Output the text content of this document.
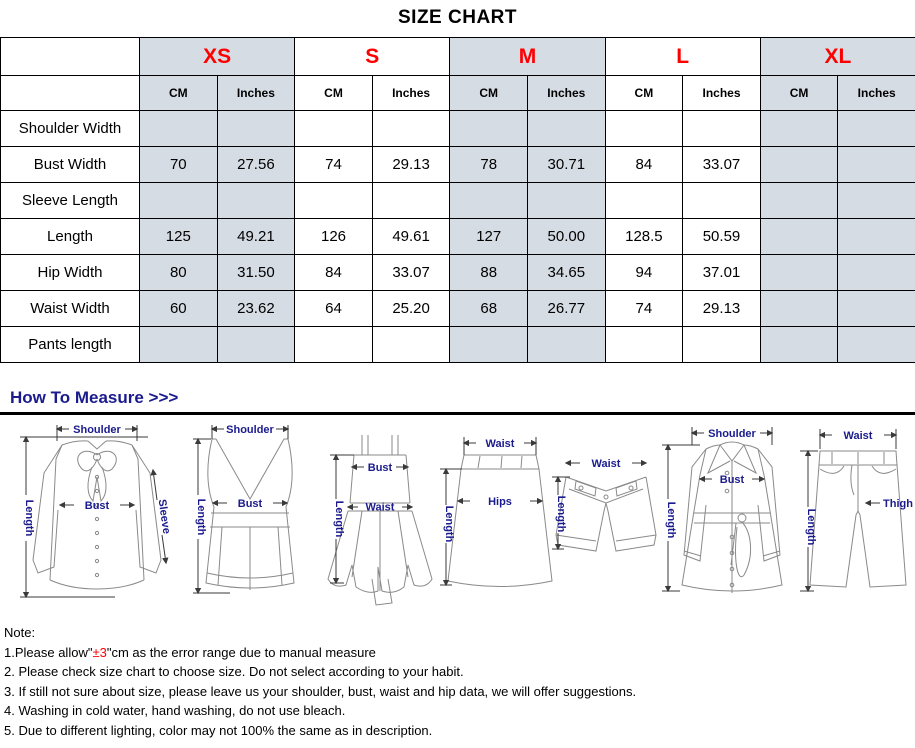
SIZE CHART
	XS		S		M		L		XL	
	CM	Inches	CM	Inches	CM	Inches	CM	Inches	CM	Inches
Shoulder Width										
Bust Width	70	27.56	74	29.13	78	30.71	84	33.07		
Sleeve Length										
Length	125	49.21	126	49.61	127	50.00	128.5	50.59		
Hip Width	80	31.50	84	33.07	88	34.65	94	37.01		
Waist Width	60	23.62	64	25.20	68	26.77	74	29.13		
Pants length										
How To Measure >>>
Shoulder
Length	Bust	Sleeve
Shoulder
Length	Bust	Length
Bust
Waist
Waist
Hips
Length
Waist
Length
Shoulder
Bust
Length
Waist
Length
Thigh
Note:
1.Please allow"±3"cm as the error range due to manual measure
2. Please check size chart to choose size. Do not select according to your habit.
3. If still not sure about size, please leave us your shoulder, bust, waist and hip data, we will offer suggestions.
4. Washing in cold water, hand washing, do not use bleach.
5. Due to different lighting, color may not 100% the same as in description.
